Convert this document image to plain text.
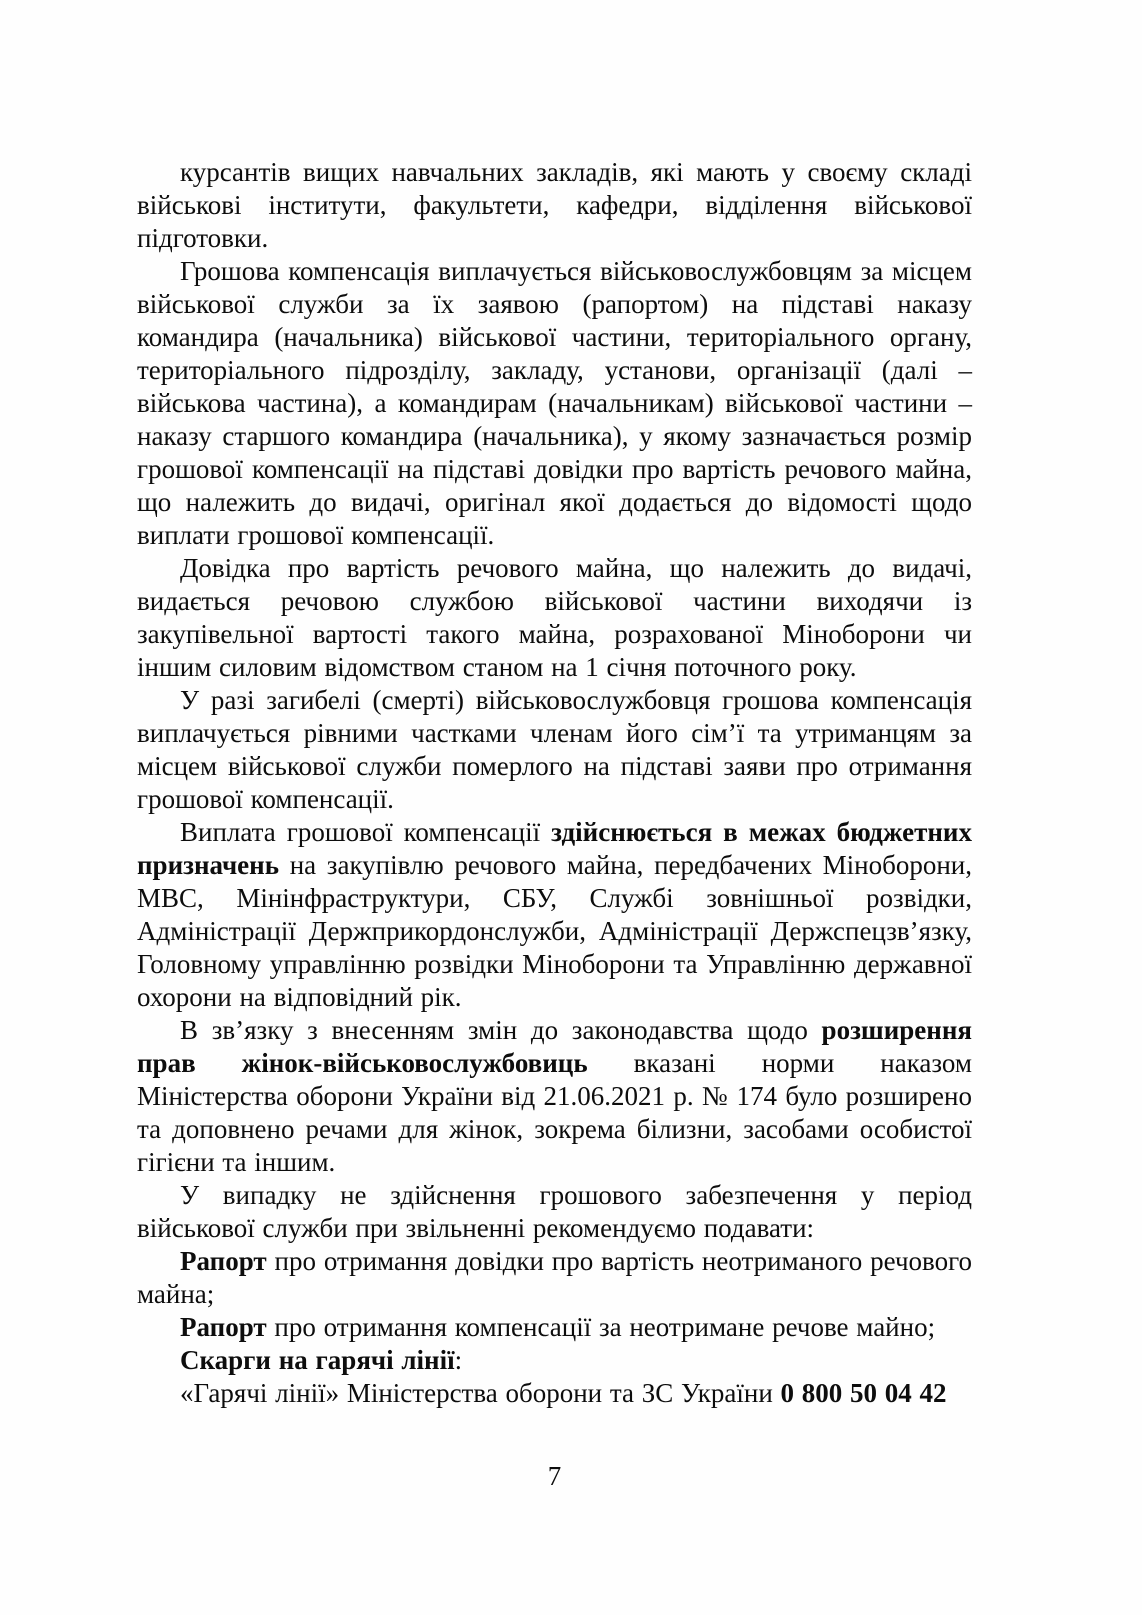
курсантів вищих навчальних закладів, які мають у своєму складі військові інститути, факультети, кафедри, відділення військової підготовки.

Грошова компенсація виплачується військовослужбовцям за місцем військової служби за їх заявою (рапортом) на підставі наказу командира (начальника) військової частини, територіального органу, територіального підрозділу, закладу, установи, організації (далі – військова частина), а командирам (начальникам) військової частини – наказу старшого командира (начальника), у якому зазначається розмір грошової компенсації на підставі довідки про вартість речового майна, що належить до видачі, оригінал якої додається до відомості щодо виплати грошової компенсації.

Довідка про вартість речового майна, що належить до видачі, видається речовою службою військової частини виходячи із закупівельної вартості такого майна, розрахованої Міноборони чи іншим силовим відомством станом на 1 січня поточного року.

У разі загибелі (смерті) військовослужбовця грошова компенсація виплачується рівними частками членам його сім’ї та утриманцям за місцем військової служби померлого на підставі заяви про отримання грошової компенсації.

Виплата грошової компенсації здійснюється в межах бюджетних призначень на закупівлю речового майна, передбачених Міноборони, МВС, Мінінфраструктури, СБУ, Службі зовнішньої розвідки, Адміністрації Держприкордонслужби, Адміністрації Держспецзв’язку, Головному управлінню розвідки Міноборони та Управлінню державної охорони на відповідний рік.

В зв’язку з внесенням змін до законодавства щодо розширення прав жінок-військовослужбовиць вказані норми наказом Міністерства оборони України від 21.06.2021 р. № 174 було розширено та доповнено речами для жінок, зокрема білизни, засобами особистої гігієни та іншим.

У випадку не здійснення грошового забезпечення у період військової служби при звільненні рекомендуємо подавати:

Рапорт про отримання довідки про вартість неотриманого речового майна;

Рапорт про отримання компенсації за неотримане речове майно;

Скарги на гарячі лінії:

«Гарячі лінії» Міністерства оборони та ЗС України 0 800 50 04 42

7
